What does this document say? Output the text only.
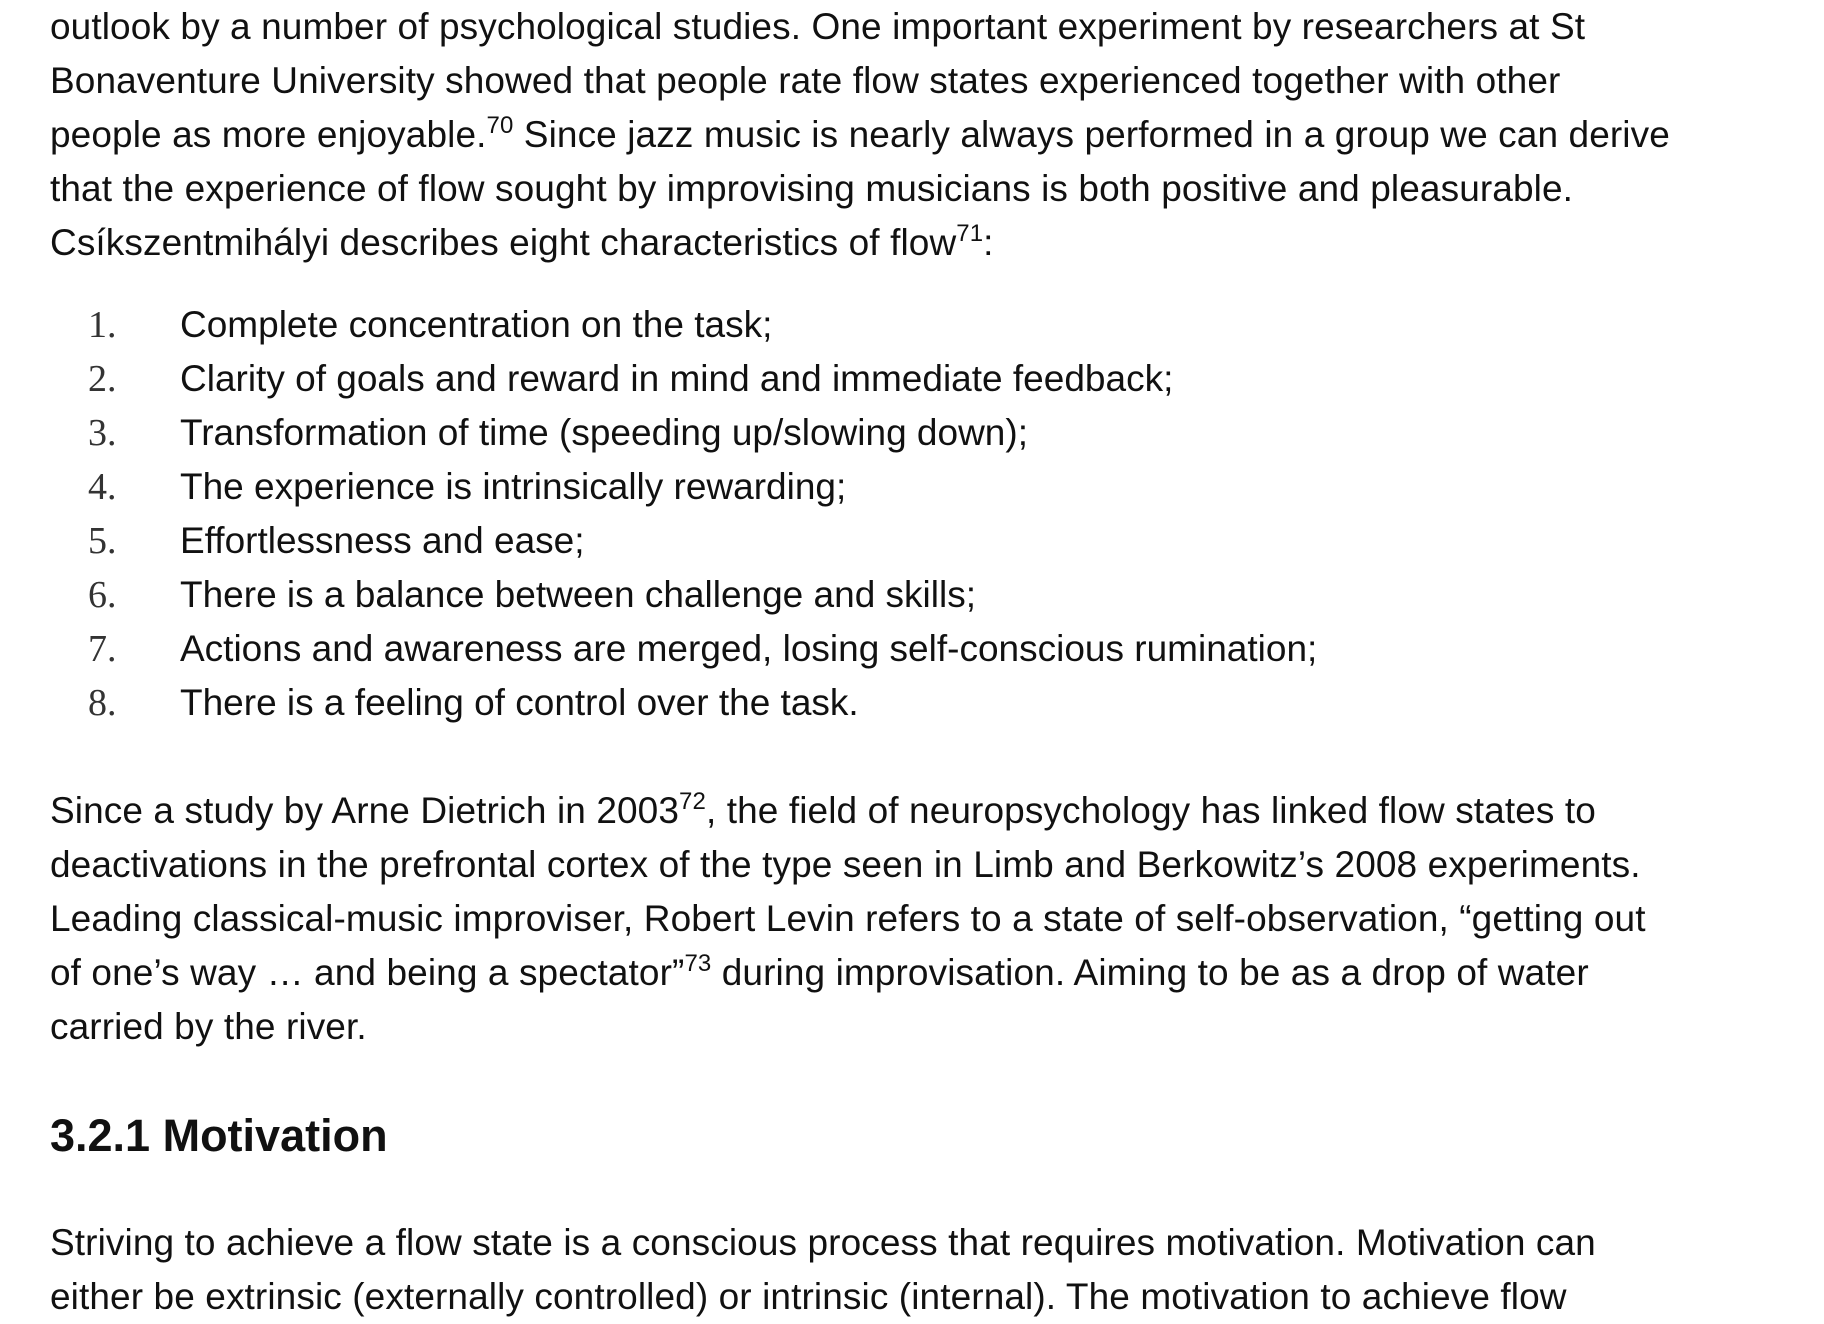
outlook by a number of psychological studies. One important experiment by researchers at St
Bonaventure University showed that people rate flow states experienced together with other
people as more enjoyable.$^{70}$ Since jazz music is nearly always performed in a group we can derive
that the experience of flow sought by improvising musicians is both positive and pleasurable.
Csíkszentmihályi describes eight characteristics of flow$^{71}$:

1 .	Complete concentration on the task;
2 .	Clarity of goals and reward in mind and immediate feedback;
3 .	Transformation of time (speeding up/slowing down);
4 .	The experience is intrinsically rewarding;
5 .	Effortlessness and ease;
6 .	There is a balance between challenge and skills;
7 .	Actions and awareness are merged, losing self-conscious rumination;
8 .	There is a feeling of control over the task.

Since a study by Arne Dietrich in 2003$^{72}$, the field of neuropsychology has linked flow states to
deactivations in the prefrontal cortex of the type seen in Limb and Berkowitz’s 2008 experiments.
Leading classical-music improviser, Robert Levin refers to a state of self-observation, “getting out
of one’s way … and being a spectator”$^{73}$ during improvisation. Aiming to be as a drop of water
carried by the river.

3.2.1 Motivation

Striving to achieve a flow state is a conscious process that requires motivation. Motivation can
either be extrinsic (externally controlled) or intrinsic (internal). The motivation to achieve flow
